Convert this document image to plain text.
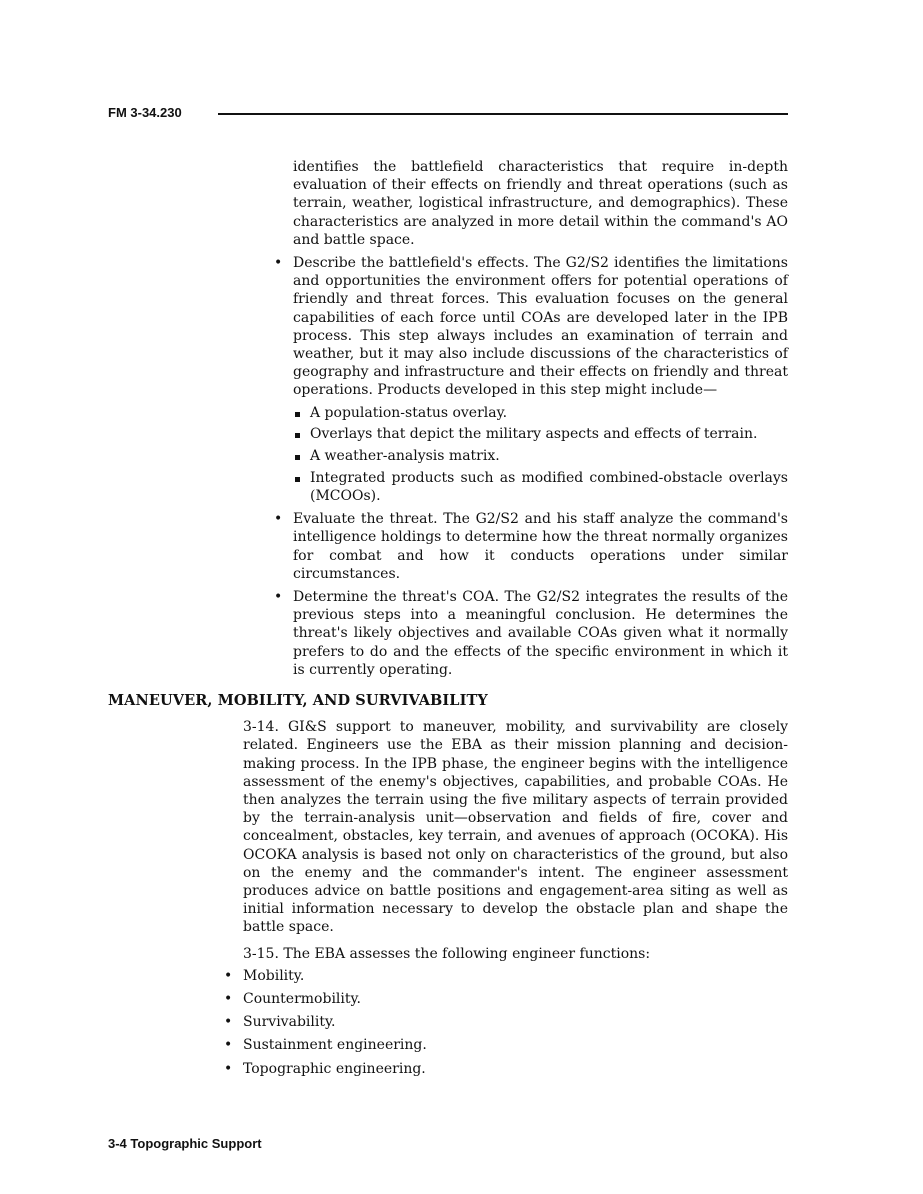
FM 3-34.230

identifies the battlefield characteristics that require in-depth evaluation of their effects on friendly and threat operations (such as terrain, weather, logistical infrastructure, and demographics). These characteristics are analyzed in more detail within the command's AO and battle space.

• Describe the battlefield's effects. The G2/S2 identifies the limitations and opportunities the environment offers for potential operations of friendly and threat forces. This evaluation focuses on the general capabilities of each force until COAs are developed later in the IPB process. This step always includes an examination of terrain and weather, but it may also include discussions of the characteristics of geography and infrastructure and their effects on friendly and threat operations. Products developed in this step might include—
A population-status overlay.
Overlays that depict the military aspects and effects of terrain.
A weather-analysis matrix.
Integrated products such as modified combined-obstacle overlays (MCOOs).
• Evaluate the threat. The G2/S2 and his staff analyze the command's intelligence holdings to determine how the threat normally organizes for combat and how it conducts operations under similar circumstances.
• Determine the threat's COA. The G2/S2 integrates the results of the previous steps into a meaningful conclusion. He determines the threat's likely objectives and available COAs given what it normally prefers to do and the effects of the specific environment in which it is currently operating.
MANEUVER, MOBILITY, AND SURVIVABILITY

3-14. GI&S support to maneuver, mobility, and survivability are closely related. Engineers use the EBA as their mission planning and decision-making process. In the IPB phase, the engineer begins with the intelligence assessment of the enemy's objectives, capabilities, and probable COAs. He then analyzes the terrain using the five military aspects of terrain provided by the terrain-analysis unit—observation and fields of fire, cover and concealment, obstacles, key terrain, and avenues of approach (OCOKA). His OCOKA analysis is based not only on characteristics of the ground, but also on the enemy and the commander's intent. The engineer assessment produces advice on battle positions and engagement-area siting as well as initial information necessary to develop the obstacle plan and shape the battle space.

3-15. The EBA assesses the following engineer functions:

• Mobility.
• Countermobility.
• Survivability.
• Sustainment engineering.
• Topographic engineering.
3-4 Topographic Support
